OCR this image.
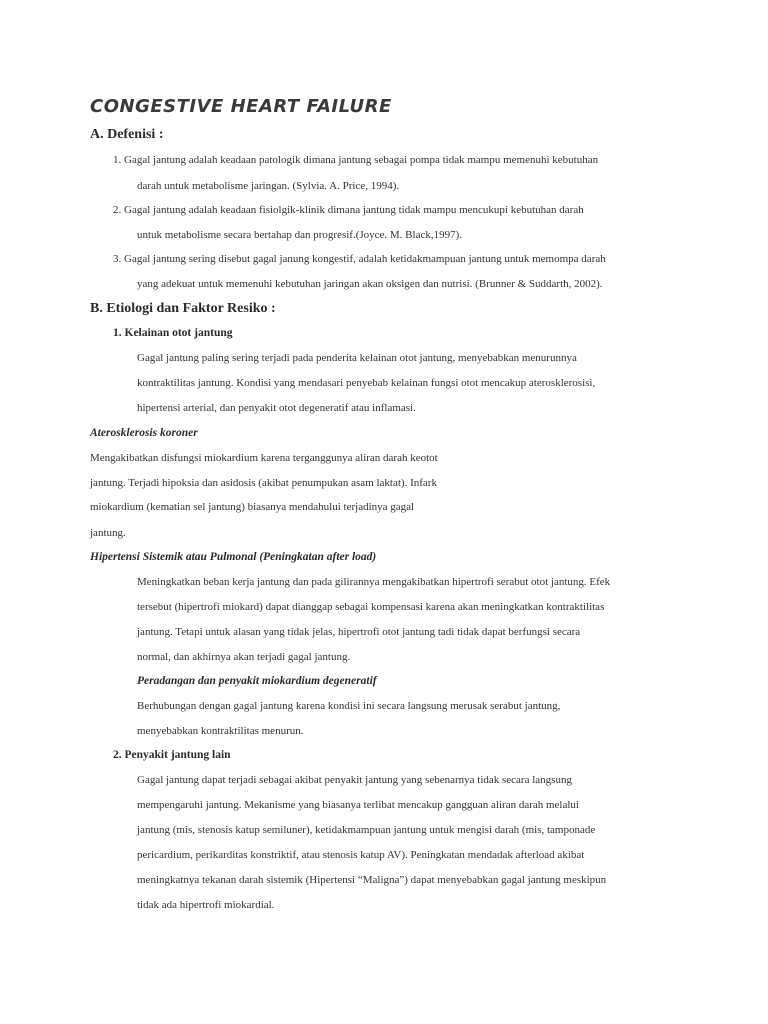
CONGESTIVE HEART FAILURE
A. Defenisi :
1. Gagal jantung adalah keadaan patologik dimana jantung sebagai pompa tidak mampu memenuhi kebutuhan
darah untuk metabolisme jaringan. (Sylvia. A. Price, 1994).
2. Gagal jantung adalah keadaan fisiolgik-klinik dimana jantung tidak mampu mencukupi kebutuhan darah
untuk metabolisme secara bertahap dan progresif.(Joyce. M. Black,1997).
3. Gagal jantung sering disebut gagal janung kongestif, adalah ketidakmampuan jantung untuk memompa darah
yang adekuat untuk memenuhi kebutuhan jaringan akan oksigen dan nutrisi. (Brunner & Suddarth, 2002).
B. Etiologi dan Faktor Resiko :
1. Kelainan otot jantung
Gagal jantung paling sering terjadi pada penderita kelainan otot jantung, menyebabkan menurunnya
kontraktilitas jantung. Kondisi yang mendasari penyebab kelainan fungsi otot mencakup aterosklerosisi,
hipertensi arterial, dan penyakit otot degeneratif atau inflamasi.
Aterosklerosis koroner
Mengakibatkan disfungsi miokardium karena terganggunya aliran darah keotot
jantung. Terjadi hipoksia dan asidosis (akibat penumpukan asam laktat). Infark
miokardium (kematian sel jantung) biasanya mendahului terjadinya gagal
jantung.
Hipertensi Sistemik atau Pulmonal (Peningkatan after load)
Meningkatkan beban kerja jantung dan pada gilirannya mengakibatkan hipertrofi serabut otot jantung. Efek
tersebut (hipertrofi miokard) dapat dianggap sebagai kompensasi karena akan meningkatkan kontraktilitas
jantung. Tetapi untuk alasan yang tidak jelas, hipertrofi otot jantung tadi tidak dapat berfungsi secara
normal, dan akhirnya akan terjadi gagal jantung.
Peradangan dan penyakit miokardium degeneratif
Berhubungan dengan gagal jantung karena kondisi ini secara langsung merusak serabut jantung,
menyebabkan kontraktilitas menurun.
2. Penyakit jantung lain
Gagal jantung dapat terjadi sebagai akibat penyakit jantung yang sebenarnya tidak secara langsung
mempengaruhi jantung. Mekanisme yang biasanya terlibat mencakup gangguan aliran darah melalui
jantung (mis, stenosis katup semiluner), ketidakmampuan jantung untuk mengisi darah (mis, tamponade
pericardium, perikarditas konstriktif, atau stenosis katup AV). Peningkatan mendadak afterload akibat
meningkatnya tekanan darah sistemik (Hipertensi “Maligna”) dapat menyebabkan gagal jantung meskipun
tidak ada hipertrofi miokardial.
